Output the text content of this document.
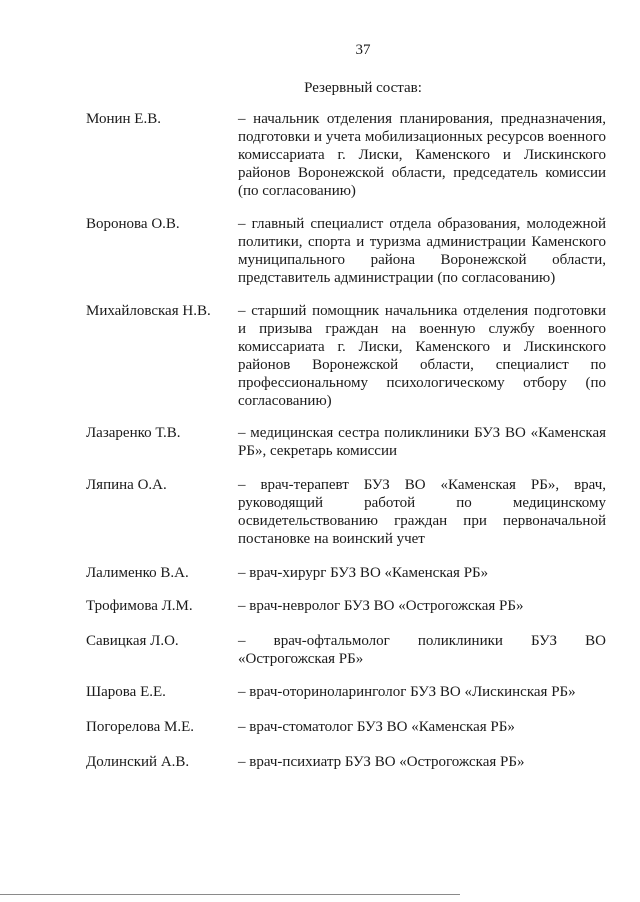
37
Резервный состав:
Монин Е.В.	– начальник отделения планирования, предназначения, подготовки и учета мобилизационных ресурсов военного комиссариата г. Лиски, Каменского и Лискинского районов Воронежской области, председатель комиссии (по согласованию)
Воронова О.В.	– главный специалист отдела образования, молодежной политики, спорта и туризма администрации Каменского муниципального района Воронежской области, представитель администрации (по согласованию)
Михайловская Н.В. – старший помощник начальника отделения подготовки и призыва граждан на военную службу военного комиссариата г. Лиски, Каменского и Лискинского районов Воронежской области, специалист по профессиональному психологическому отбору (по согласованию)
Лазаренко Т.В.	– медицинская сестра поликлиники БУЗ ВО «Каменская РБ», секретарь комиссии
Ляпина О.А.	– врач-терапевт БУЗ ВО «Каменская РБ», врач, руководящий работой по медицинскому освидетельствованию граждан при первоначальной постановке на воинский учет
Лалименко В.А.	– врач-хирург БУЗ ВО «Каменская РБ»
Трофимова Л.М.	– врач-невролог БУЗ ВО «Острогожская РБ»
Савицкая Л.О.	– врач-офтальмолог поликлиники БУЗ ВО «Острогожская РБ»
Шарова Е.Е.	– врач-оториноларинголог БУЗ ВО «Лискинская РБ»
Погорелова М.Е.	– врач-стоматолог БУЗ ВО «Каменская РБ»
Долинский А.В.	– врач-психиатр БУЗ ВО «Острогожская РБ»
